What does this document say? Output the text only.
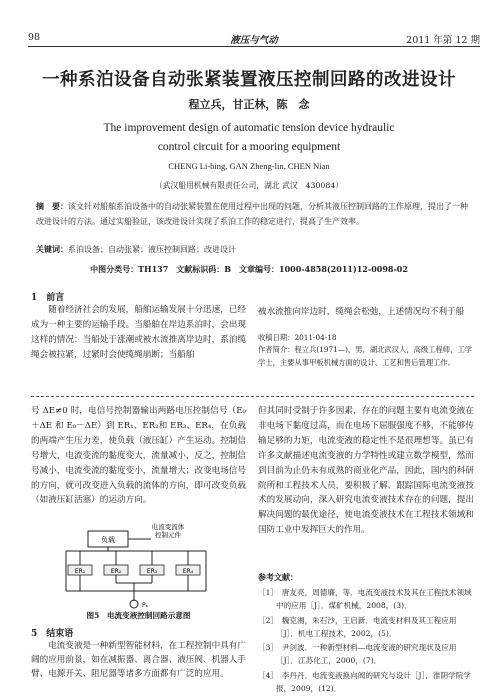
98	液压与气动	2011 年第 12 期
一种系泊设备自动张紧装置液压控制回路的改进设计
程立兵，甘正林，陈　念
The improvement design of automatic tension device hydraulic
control circuit for a mooring equipment
CHENG Li-bing, GAN Zheng-lin, CHEN Nian
（武汉船用机械有限责任公司，湖北 武汉　430084）
摘　要：该文针对船舶系泊设备中的自动张紧装置在使用过程中出现的问题，分析其液压控制回路的工作原理，提出了一种改进设计的方法。通过实船验证，该改进设计实现了系泊工作的稳定进行，提高了生产效率。
关键词：系泊设备；自动张紧；液压控制回路；改进设计
中图分类号：TH137　文献标识码：B　文章编号：1000-4858(2011)12-0098-02
1　前言
随着经济社会的发展，船舶运输发展十分迅速，已经成为一种主要的运输手段。当船舶在岸边系泊时，会出现这样的情况：当船处于涨潮或被水流推离岸边时，系泊缆绳会被拉紧，过紧时会使缆绳崩断；当船舶
被水流推向岸边时，缆绳会松弛，上述情况均不利于船
收稿日期：2011-04-18
作者简介：程立兵(1971—)，男，湖北武汉人，高级工程师，工学学士，主要从事甲板机械方面的设计、工艺和售后管理工作。
号 ΔE≠0 时，电信号控制器输出两路电压控制信号（E₀＋ΔE 和 E₀－ΔE）到 ER₁、ER₂和 ER₃、ER₄，在负载的两端产生压力差，使负载（液压缸）产生运动。控制信号增大，电流变流的黏度变大，流量减小，反之，控制信号减小，电流变流的黏度变小，流量增大；改变电场信号的方向，就可改变进入负载的流体的方向，即可改变负载（如液压缸活塞）的运动方向。
负载
电流变流体
控制元件
ER₁	ER₂	ER₃	ER₄
Pₛ
图5　电流变液控制回路示意图
5　结束语
电流变液是一种新型智能材料，在工程控制中具有广阔的应用前景，如在减振器、离合器、液压阀、机器人手臂、电源开关、阻尼器等诸多方面都有广泛的应用。
但其同时受制于许多因素，存在的问题主要有电流变液在非电场下黏度过高，而在电场下屈服强度不够，不能够传输足够的力矩，电流变液的稳定性不是很理想等。虽已有许多文献描述电流变液的力学特性或建立数学模型，然而到目前为止仍未有成熟的商业化产品，因此，国内的科研院所和工程技术人员，要积极了解、跟踪国际电流变液技术的发展动向，深入研究电流变液技术存在的问题，提出解决问题的最优途径，使电流变液技术在工程技术领域和国防工业中发挥巨大的作用。
参考文献：
［1］　唐友亮，周德廉，等．电流变液技术及其在工程技术领域中的应用［J］．煤矿机械，2008，(3)．
［2］　魏克湘，朱石沙，王启新．电流变材料及其工程应用［J］．机电工程技术，2002，(5)．
［3］　尹剑波．一种新型材料—电流变液的研究现状及应用［J］．江苏化工，2000，(7)．
［4］　李丹丹．电流变液换向阀的研究与设计［J］．淮阴学院学报，2009，(12)．
